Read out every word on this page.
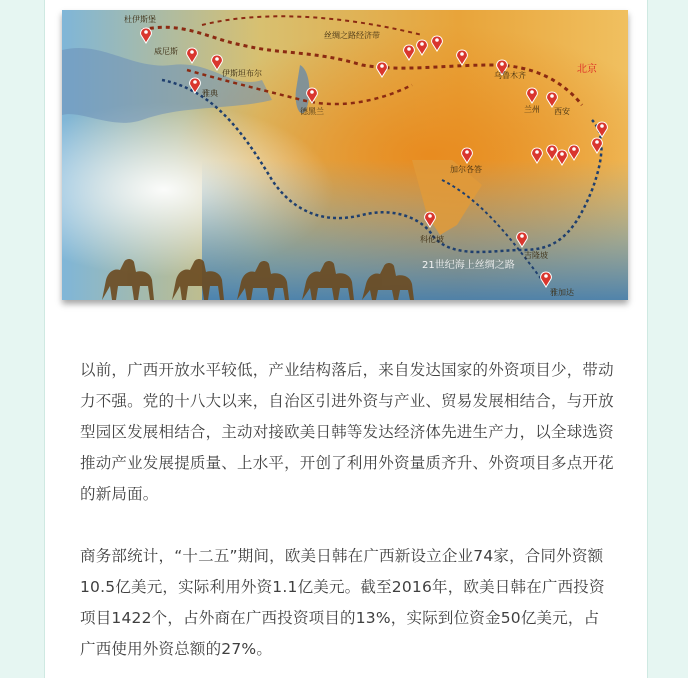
杜伊斯堡
威尼斯
伊斯坦布尔
雅典
德黑兰
丝绸之路经济带
乌鲁木齐
兰州 西安
北京
加尔各答
科伦坡
吉隆坡
雅加达
21世纪海上丝绸之路
以前，广西开放水平较低，产业结构落后，来自发达国家的外资项目少，带动力不强。党的十八大以来，自治区引进外资与产业、贸易发展相结合，与开放型园区发展相结合，主动对接欧美日韩等发达经济体先进生产力，以全球选资推动产业发展提质量、上水平，开创了利用外资量质齐升、外资项目多点开花的新局面。
商务部统计，“十二五”期间，欧美日韩在广西新设立企业74家，合同外资额10.5亿美元，实际利用外资1.1亿美元。截至2016年，欧美日韩在广西投资项目1422个，占外商在广西投资项目的13%，实际到位资金50亿美元，占广西使用外资总额的27%。
